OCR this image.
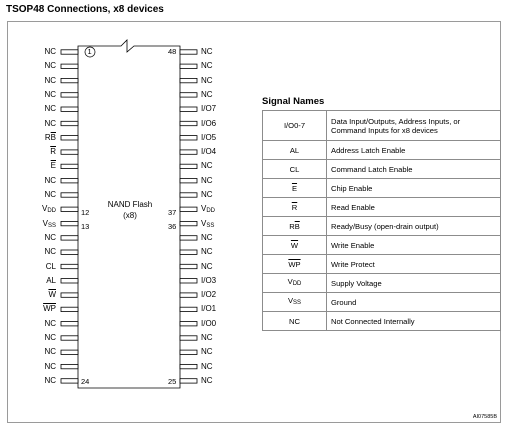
TSOP48 Connections, x8 devices
NC
NC
NC
NC
NC
NC
$R\overline{B}$
$\overline{R}$
$\overline{E}$
NC
NC
$V_{DD}$
$V_{SS}$
NC
NC
CL
AL
$\overline{W}$
$\overline{WP}$
NC
NC
NC
NC
NC
NC
NC
NC
NC
I/O7
I/O6
I/O5
I/O4
NC
NC
NC
$V_{DD}$
$V_{SS}$
NC
NC
NC
I/O3
I/O2
I/O1
I/O0
NC
NC
NC
NC
1	48
12
13
24	25
36
37
NAND Flash
(x8)
Signal Names
I/O0-7	Data Input/Outputs, Address Inputs, or Command Inputs for x8 devices
AL	Address Latch Enable
CL	Command Latch Enable
$\overline{E}$	Chip Enable
$\overline{R}$	Read Enable
$R\overline{B}$	Ready/Busy (open-drain output)
$\overline{W}$	Write Enable
$\overline{WP}$	Write Protect
$V_{DD}$	Supply Voltage
$V_{SS}$	Ground
NC	Not Connected Internally
AI07585B
